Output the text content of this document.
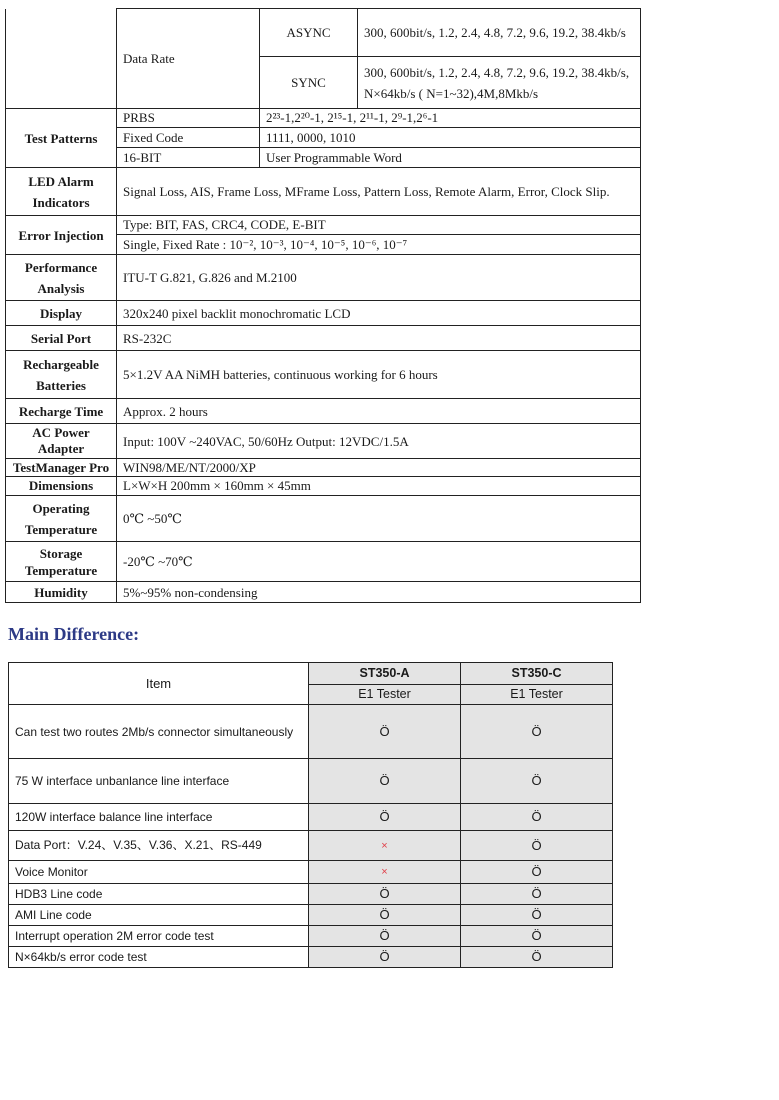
	Data Rate	ASYNC	300, 600bit/s, 1.2, 2.4, 4.8, 7.2, 9.6, 19.2, 38.4kb/s
		SYNC	300, 600bit/s, 1.2, 2.4, 4.8, 7.2, 9.6, 19.2, 38.4kb/s, N×64kb/s ( N=1~32),4M,8Mkb/s
Test Patterns	PRBS	2²³-1,2²⁰-1, 2¹⁵-1, 2¹¹-1, 2⁹-1,2⁶-1	
	Fixed Code	1111, 0000, 1010	
	16-BIT	User Programmable Word	
LED Alarm Indicators	Signal Loss, AIS, Frame Loss, MFrame Loss, Pattern Loss, Remote Alarm, Error, Clock Slip.		
Error Injection	Type: BIT, FAS, CRC4, CODE, E-BIT		
	Single, Fixed Rate : 10⁻², 10⁻³, 10⁻⁴, 10⁻⁵, 10⁻⁶, 10⁻⁷		
Performance Analysis	ITU-T G.821, G.826 and M.2100		
Display	320x240 pixel backlit monochromatic LCD		
Serial Port	RS-232C		
Rechargeable Batteries	5×1.2V AA NiMH batteries, continuous working for 6 hours		
Recharge Time	Approx. 2 hours		
AC Power Adapter	Input: 100V ~240VAC, 50/60Hz Output: 12VDC/1.5A		
TestManager Pro	WIN98/ME/NT/2000/XP		
Dimensions	L×W×H 200mm × 160mm × 45mm		
Operating Temperature	0℃ ~50℃		
Storage Temperature	-20℃ ~70℃		
Humidity	5%~95% non-condensing		
Main Difference:
Item	ST350-A	ST350-C
	E1 Tester	E1 Tester
Can test two routes 2Mb/s connector simultaneously	Ö	Ö
75 W interface unbanlance line interface	Ö	Ö
120W interface balance line interface	Ö	Ö
Data Port：V.24、V.35、V.36、X.21、RS-449	×	Ö
Voice Monitor	×	Ö
HDB3 Line code	Ö	Ö
AMI Line code	Ö	Ö
Interrupt operation 2M error code test	Ö	Ö
N×64kb/s error code test	Ö	Ö
